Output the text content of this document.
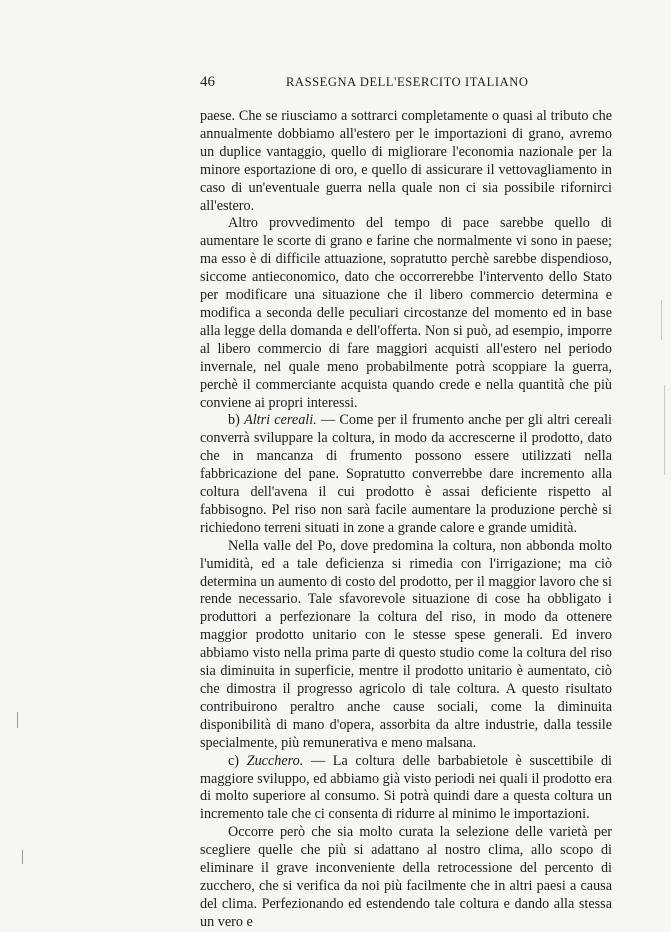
46	RASSEGNA DELL'ESERCITO ITALIANO

paese. Che se riusciamo a sottrarci completamente o quasi al tributo che annualmente dobbiamo all'estero per le importazioni di grano, avremo un duplice vantaggio, quello di migliorare l'economia nazionale per la minore esportazione di oro, e quello di assicurare il vettovagliamento in caso di un'eventuale guerra nella quale non ci sia possibile rifornirci all'estero.

Altro provvedimento del tempo di pace sarebbe quello di aumentare le scorte di grano e farine che normalmente vi sono in paese; ma esso è di difficile attuazione, sopratutto perchè sarebbe dispendioso, siccome antieconomico, dato che occorrerebbe l'intervento dello Stato per modificare una situazione che il libero commercio determina e modifica a seconda delle peculiari circostanze del momento ed in base alla legge della domanda e dell'offerta. Non si può, ad esempio, imporre al libero commercio di fare maggiori acquisti all'estero nel periodo invernale, nel quale meno probabilmente potrà scoppiare la guerra, perchè il commerciante acquista quando crede e nella quantità che più conviene ai propri interessi.

b) Altri cereali. — Come per il frumento anche per gli altri cereali converrà sviluppare la coltura, in modo da accrescerne il prodotto, dato che in mancanza di frumento possono essere utilizzati nella fabbricazione del pane. Sopratutto converrebbe dare incremento alla coltura dell'avena il cui prodotto è assai deficiente rispetto al fabbisogno. Pel riso non sarà facile aumentare la produzione perchè si richiedono terreni situati in zone a grande calore e grande umidità.

Nella valle del Po, dove predomina la coltura, non abbonda molto l'umidità, ed a tale deficienza si rimedia con l'irrigazione; ma ciò determina un aumento di costo del prodotto, per il maggior lavoro che si rende necessario. Tale sfavorevole situazione di cose ha obbligato i produttori a perfezionare la coltura del riso, in modo da ottenere maggior prodotto unitario con le stesse spese generali. Ed invero abbiamo visto nella prima parte di questo studio come la coltura del riso sia diminuita in superficie, mentre il prodotto unitario è aumentato, ciò che dimostra il progresso agricolo di tale coltura. A questo risultato contribuirono peraltro anche cause sociali, come la diminuita disponibilità di mano d'opera, assorbita da altre industrie, dalla tessile specialmente, più remunerativa e meno malsana.

c) Zucchero. — La coltura delle barbabietole è suscettibile di maggiore sviluppo, ed abbiamo già visto periodi nei quali il prodotto era di molto superiore al consumo. Si potrà quindi dare a questa coltura un incremento tale che ci consenta di ridurre al minimo le importazioni.

Occorre però che sia molto curata la selezione delle varietà per scegliere quelle che più si adattano al nostro clima, allo scopo di eliminare il grave inconveniente della retrocessione del percento di zucchero, che si verifica da noi più facilmente che in altri paesi a causa del clima. Perfezionando ed estendendo tale coltura e dando alla stessa un vero e
